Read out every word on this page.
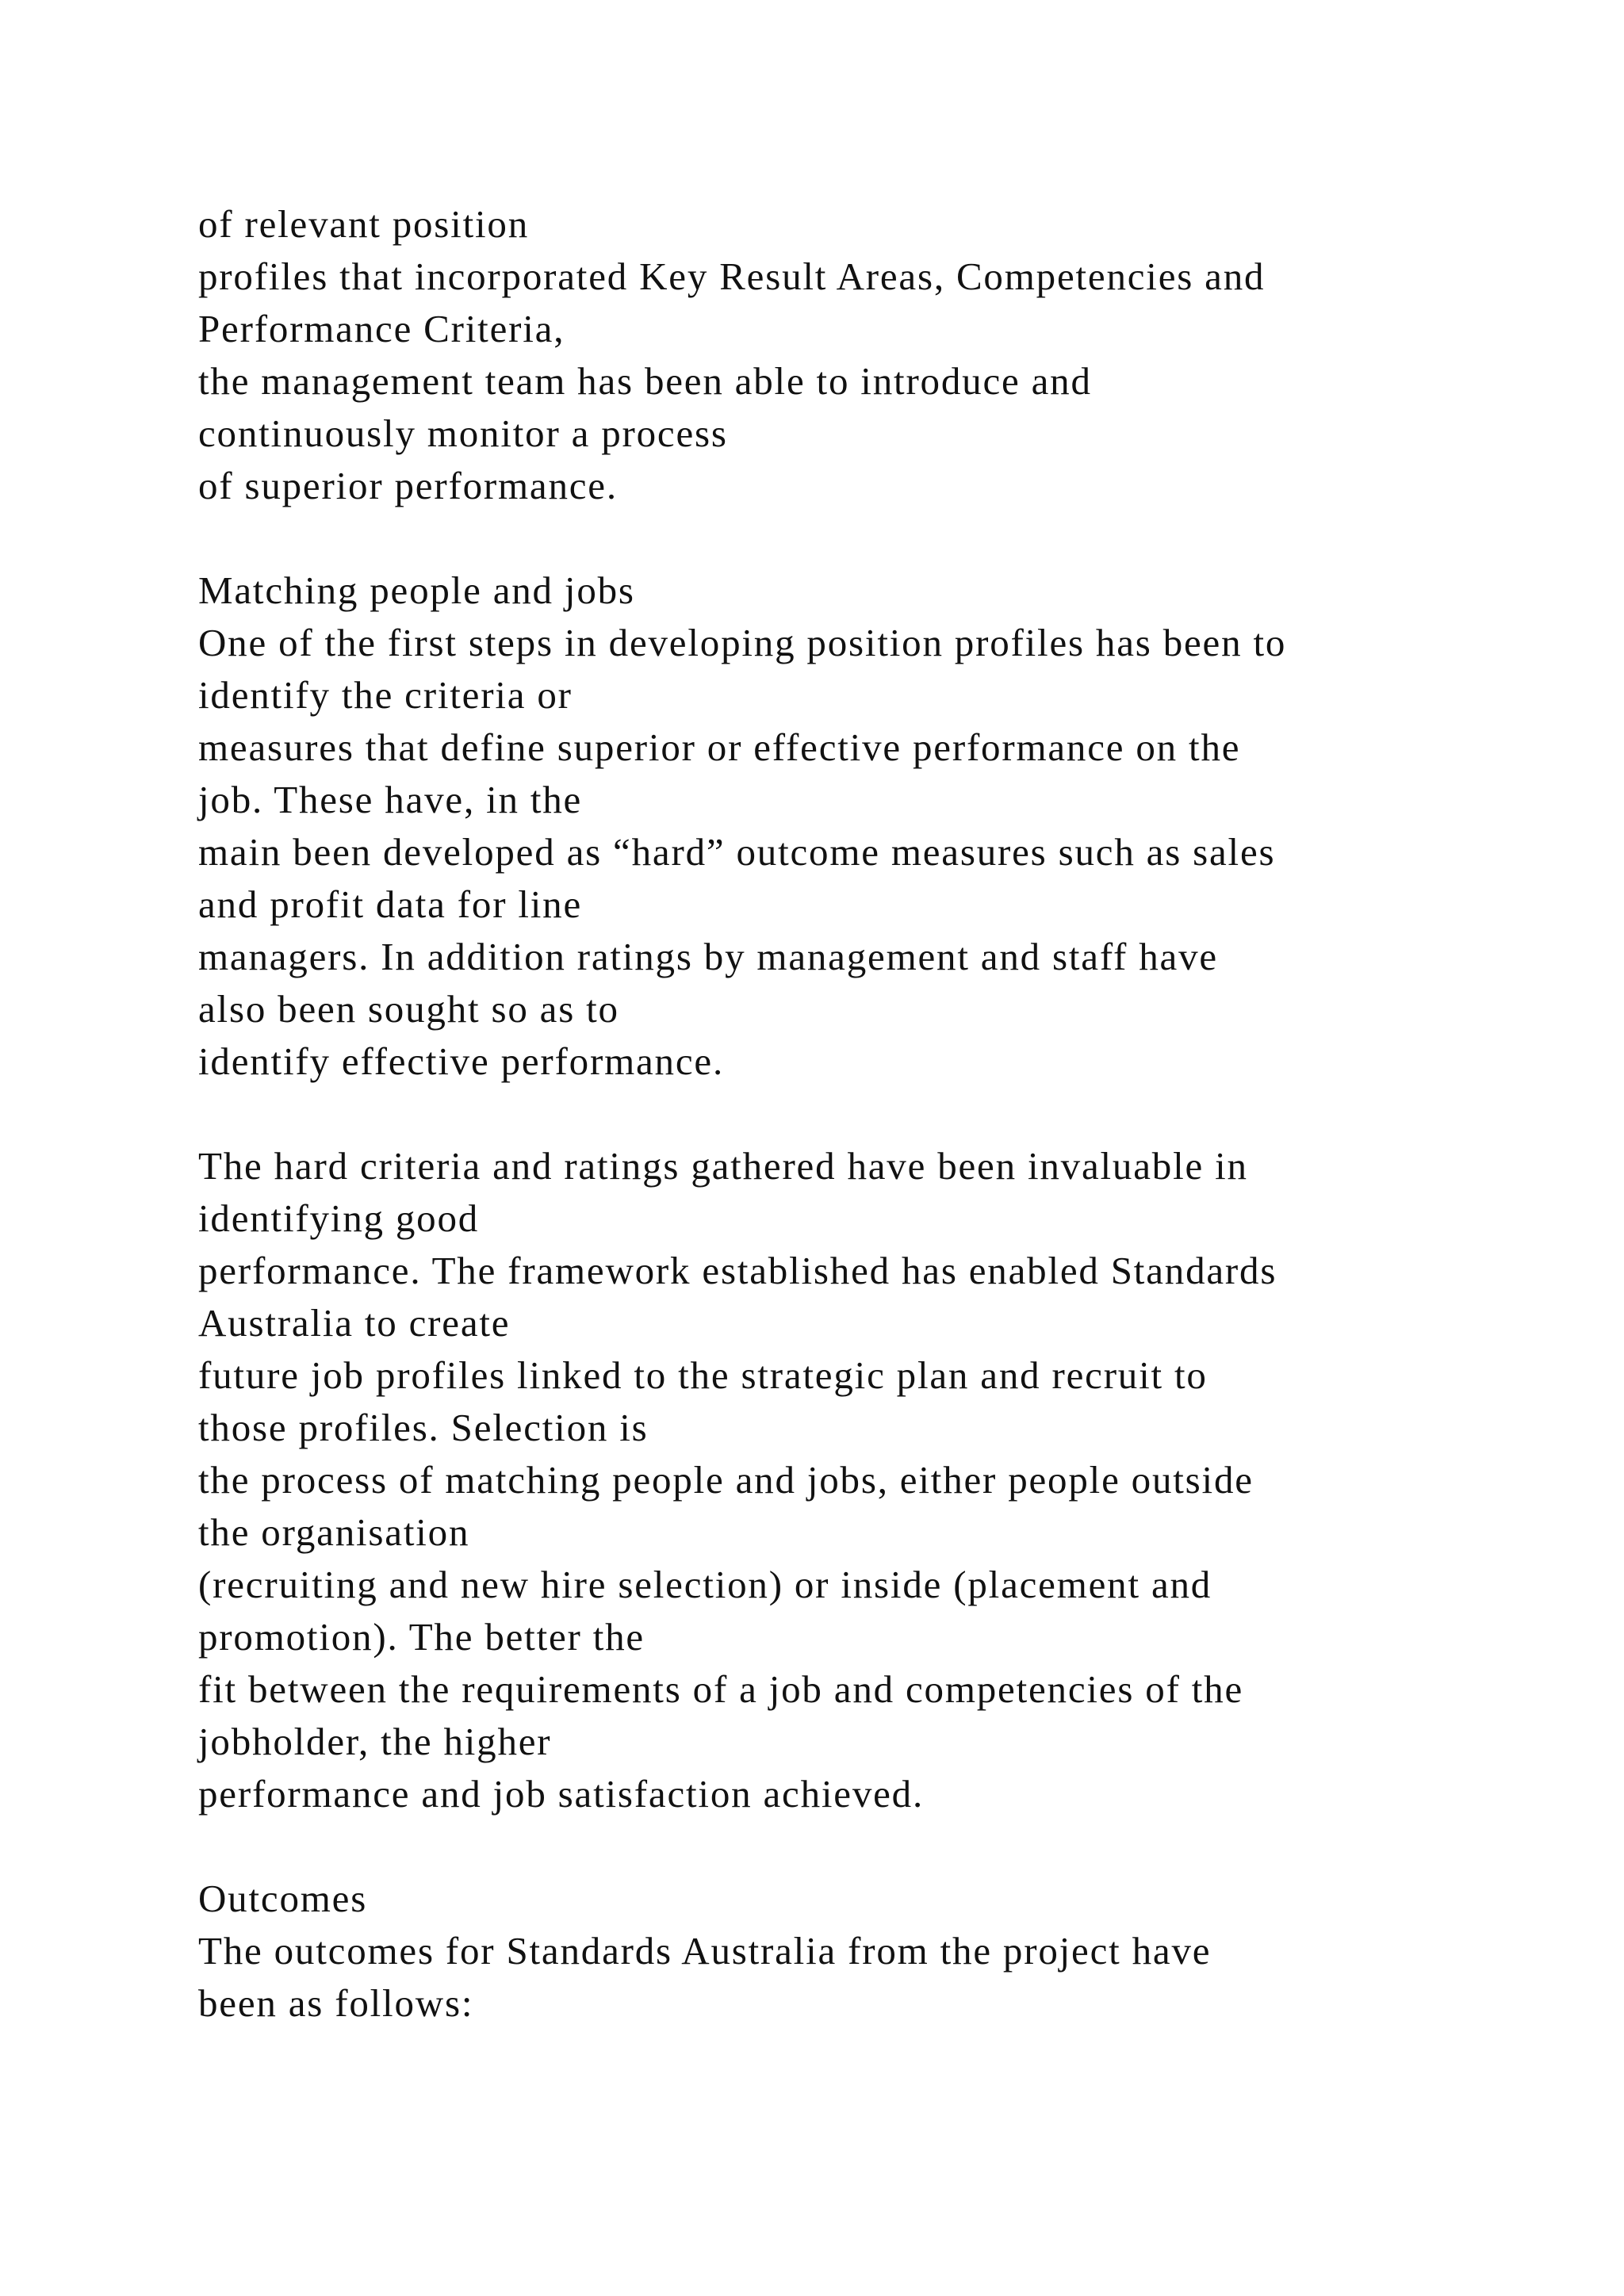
of relevant position
profiles that incorporated Key Result Areas, Competencies and
Performance Criteria,
the management team has been able to introduce and
continuously monitor a process
of superior performance.
Matching people and jobs
One of the first steps in developing position profiles has been to
identify the criteria or
measures that define superior or effective performance on the
job. These have, in the
main been developed as “hard” outcome measures such as sales
and profit data for line
managers. In addition ratings by management and staff have
also been sought so as to
identify effective performance.
The hard criteria and ratings gathered have been invaluable in
identifying good
performance. The framework established has enabled Standards
Australia to create
future job profiles linked to the strategic plan and recruit to
those profiles. Selection is
the process of matching people and jobs, either people outside
the organisation
(recruiting and new hire selection) or inside (placement and
promotion). The better the
fit between the requirements of a job and competencies of the
jobholder, the higher
performance and job satisfaction achieved.
Outcomes
The outcomes for Standards Australia from the project have
been as follows:
